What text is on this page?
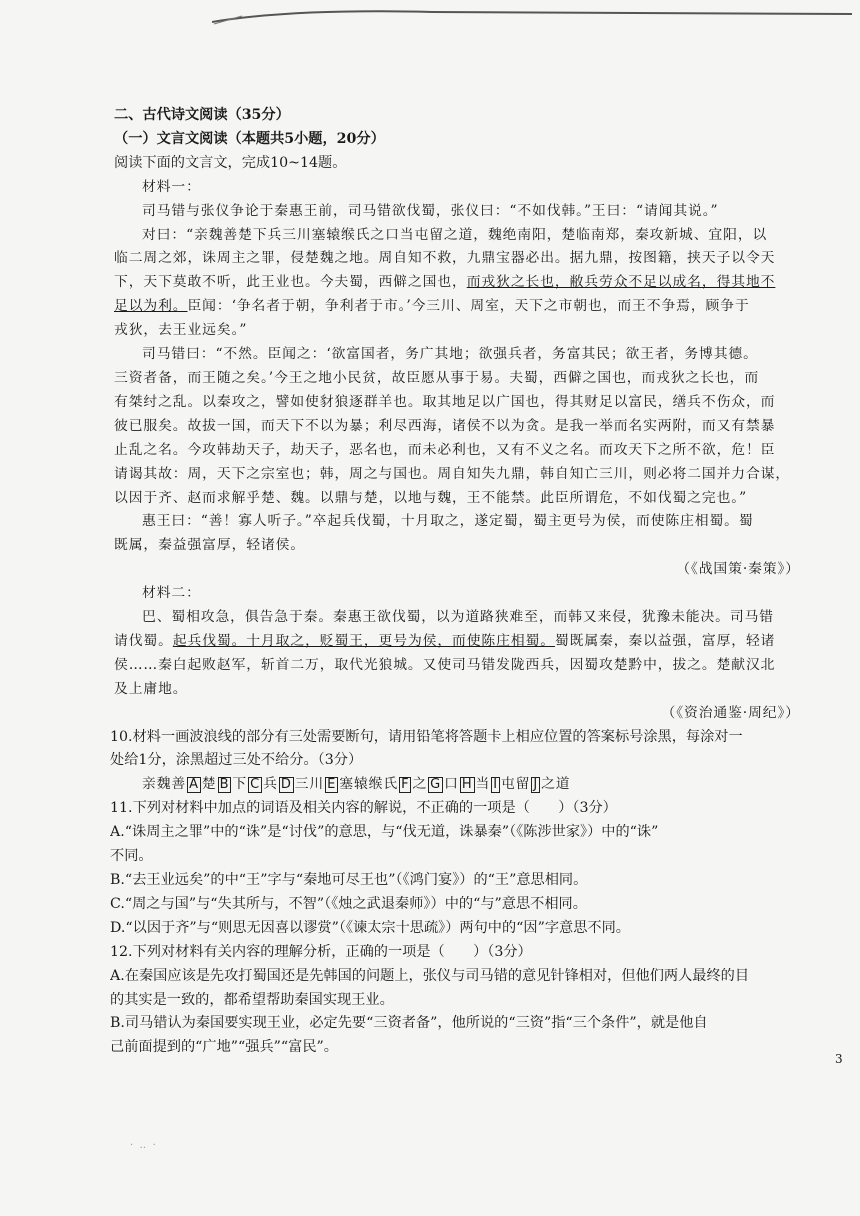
二、古代诗文阅读（35分）
（一）文言文阅读（本题共5小题，20分）
阅读下面的文言文，完成10~14题。
材料一：
司马错与张仪争论于秦惠王前，司马错欲伐蜀，张仪曰：“不如伐韩。”王曰：“请闻其说。”
对曰：“亲魏善楚下兵三川塞辕缑氏之口当屯留之道，魏绝南阳，楚临南郑，秦攻新城、宜阳，以
临二周之郊，诛周主之罪，侵楚魏之地。周自知不救，九鼎宝器必出。据九鼎，按图籍，挟天子以令天
下，天下莫敢不听，此王业也。今夫蜀，西僻之国也，而戎狄之长也，敝兵劳众不足以成名，得其地不
足以为利。臣闻：‘争名者于朝，争利者于市。’今三川、周室，天下之市朝也，而王不争焉，顾争于
戎狄，去王业远矣。”
司马错曰：“不然。臣闻之：‘欲富国者，务广其地；欲强兵者，务富其民；欲王者，务博其德。
三资者备，而王随之矣。’今王之地小民贫，故臣愿从事于易。夫蜀，西僻之国也，而戎狄之长也，而
有桀纣之乱。以秦攻之，譬如使豺狼逐群羊也。取其地足以广国也，得其财足以富民，缮兵不伤众，而
彼已服矣。故拔一国，而天下不以为暴；利尽西海，诸侯不以为贪。是我一举而名实两附，而又有禁暴
止乱之名。今攻韩劫天子，劫天子，恶名也，而未必利也，又有不义之名。而攻天下之所不欲，危！臣
请谒其故：周，天下之宗室也；韩，周之与国也。周自知失九鼎，韩自知亡三川，则必将二国并力合谋，
以因于齐、赵而求解乎楚、魏。以鼎与楚，以地与魏，王不能禁。此臣所谓危，不如伐蜀之完也。”
惠王曰：“善！寡人听子。”卒起兵伐蜀，十月取之，遂定蜀，蜀主更号为侯，而使陈庄相蜀。蜀
既属，秦益强富厚，轻诸侯。
（《战国策·秦策》）
材料二：
巴、蜀相攻急，俱告急于秦。秦惠王欲伐蜀，以为道路狭难至，而韩又来侵，犹豫未能决。司马错
请伐蜀。起兵伐蜀。十月取之，贬蜀王，更号为侯，而使陈庄相蜀。蜀既属秦，秦以益强，富厚，轻诸
侯……秦白起败赵军，斩首二万，取代光狼城。又使司马错发陇西兵，因蜀攻楚黔中，拔之。楚献汉北
及上庸地。
（《资治通鉴·周纪》）
10.材料一画波浪线的部分有三处需要断句，请用铅笔将答题卡上相应位置的答案标号涂黑，每涂对一
处给1分，涂黑超过三处不给分。（3分）
亲魏善 A 楚 B 下 C 兵 D 三川 E 塞辕缑氏 F 之 G 口 H 当 I 屯留 J 之道
11.下列对材料中加点的词语及相关内容的解说，不正确的一项是（　　）（3分）
A.“诛周主之罪”中的“诛”是“讨伐”的意思，与“伐无道，诛暴秦”（《陈涉世家》）中的“诛”
不同。
B.“去王业远矣”的中“王”字与“秦地可尽王也”（《鸿门宴》）的“王”意思相同。
C.“周之与国”与“失其所与，不智”（《烛之武退秦师》）中的“与”意思不相同。
D.“以因于齐”与“则思无因喜以谬赏”（《谏太宗十思疏》）两句中的“因”字意思不同。
12.下列对材料有关内容的理解分析，正确的一项是（　　）（3分）
A.在秦国应该是先攻打蜀国还是先韩国的问题上，张仪与司马错的意见针锋相对，但他们两人最终的目
的其实是一致的，都希望帮助秦国实现王业。
B.司马错认为秦国要实现王业，必定先要“三资者备”，他所说的“三资”指“三个条件”，就是他自
己前面提到的“广地”“强兵”“富民”。
3
·  ‥  ·
